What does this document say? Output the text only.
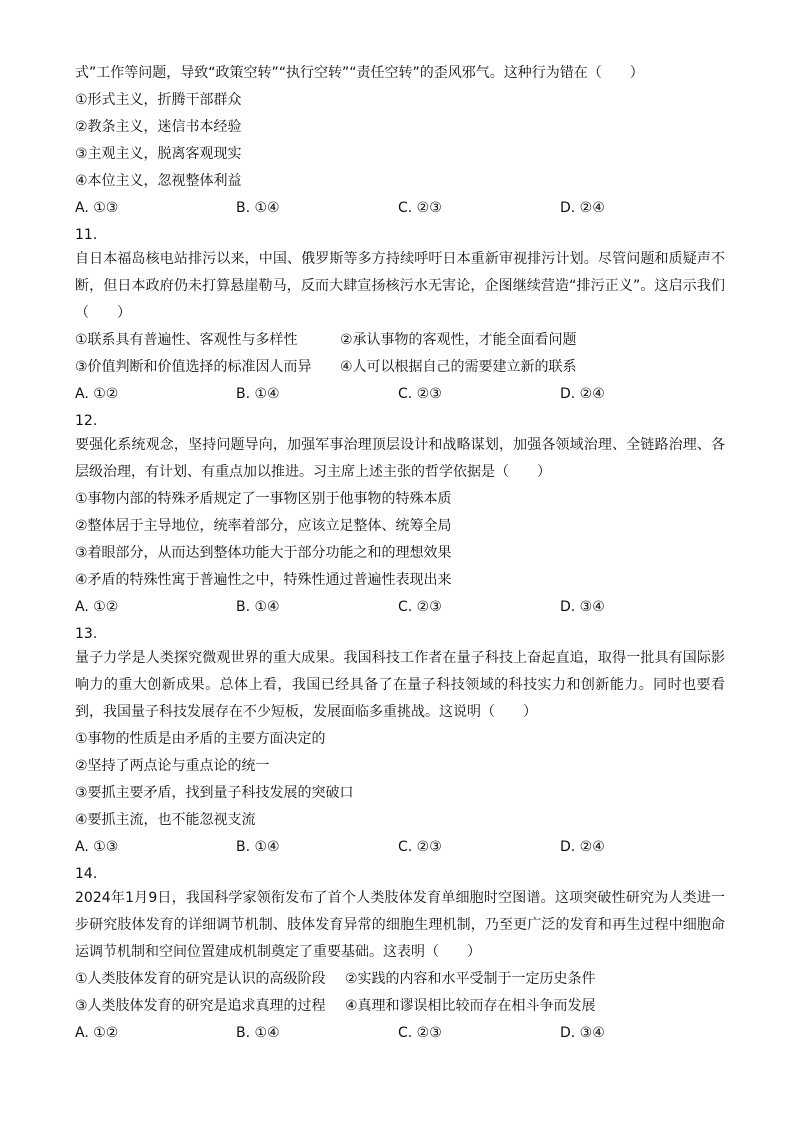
式”工作等问题，导致“政策空转”“执行空转”“责任空转”的歪风邪气。这种行为错在（　　）
①形式主义，折腾干部群众
②教条主义，迷信书本经验
③主观主义，脱离客观现实
④本位主义，忽视整体利益
A. ①③	B. ①④	C. ②③	D. ②④
11.
自日本福岛核电站排污以来，中国、俄罗斯等多方持续呼吁日本重新审视排污计划。尽管问题和质疑声不断，但日本政府仍未打算悬崖勒马，反而大肆宣扬核污水无害论，企图继续营造“排污正义”。这启示我们（　　）
①联系具有普遍性、客观性与多样性	②承认事物的客观性，才能全面看问题
③价值判断和价值选择的标准因人而异 ④人可以根据自己的需要建立新的联系
A. ①②	B. ①④	C. ②③	D. ②④
12.
要强化系统观念，坚持问题导向，加强军事治理顶层设计和战略谋划，加强各领域治理、全链路治理、各层级治理，有计划、有重点加以推进。习主席上述主张的哲学依据是（　　）
①事物内部的特殊矛盾规定了一事物区别于他事物的特殊本质
②整体居于主导地位，统率着部分，应该立足整体、统筹全局
③着眼部分，从而达到整体功能大于部分功能之和的理想效果
④矛盾的特殊性寓于普遍性之中，特殊性通过普遍性表现出来
A. ①②	B. ①④	C. ②③	D. ③④
13.
量子力学是人类探究微观世界的重大成果。我国科技工作者在量子科技上奋起直追，取得一批具有国际影响力的重大创新成果。总体上看，我国已经具备了在量子科技领域的科技实力和创新能力。同时也要看到，我国量子科技发展存在不少短板，发展面临多重挑战。这说明（　　）
①事物的性质是由矛盾的主要方面决定的
②坚持了两点论与重点论的统一
③要抓主要矛盾，找到量子科技发展的突破口
④要抓主流，也不能忽视支流
A. ①③	B. ①④	C. ②③	D. ②④
14.
2024年1月9日，我国科学家领衔发布了首个人类肢体发育单细胞时空图谱。这项突破性研究为人类进一步研究肢体发育的详细调节机制、肢体发育异常的细胞生理机制，乃至更广泛的发育和再生过程中细胞命运调节机制和空间位置建成机制奠定了重要基础。这表明（　　）
①人类肢体发育的研究是认识的高级阶段 ②实践的内容和水平受制于一定历史条件
③人类肢体发育的研究是追求真理的过程 ④真理和谬误相比较而存在相斗争而发展
A. ①②	B. ①④	C. ②③	D. ③④
